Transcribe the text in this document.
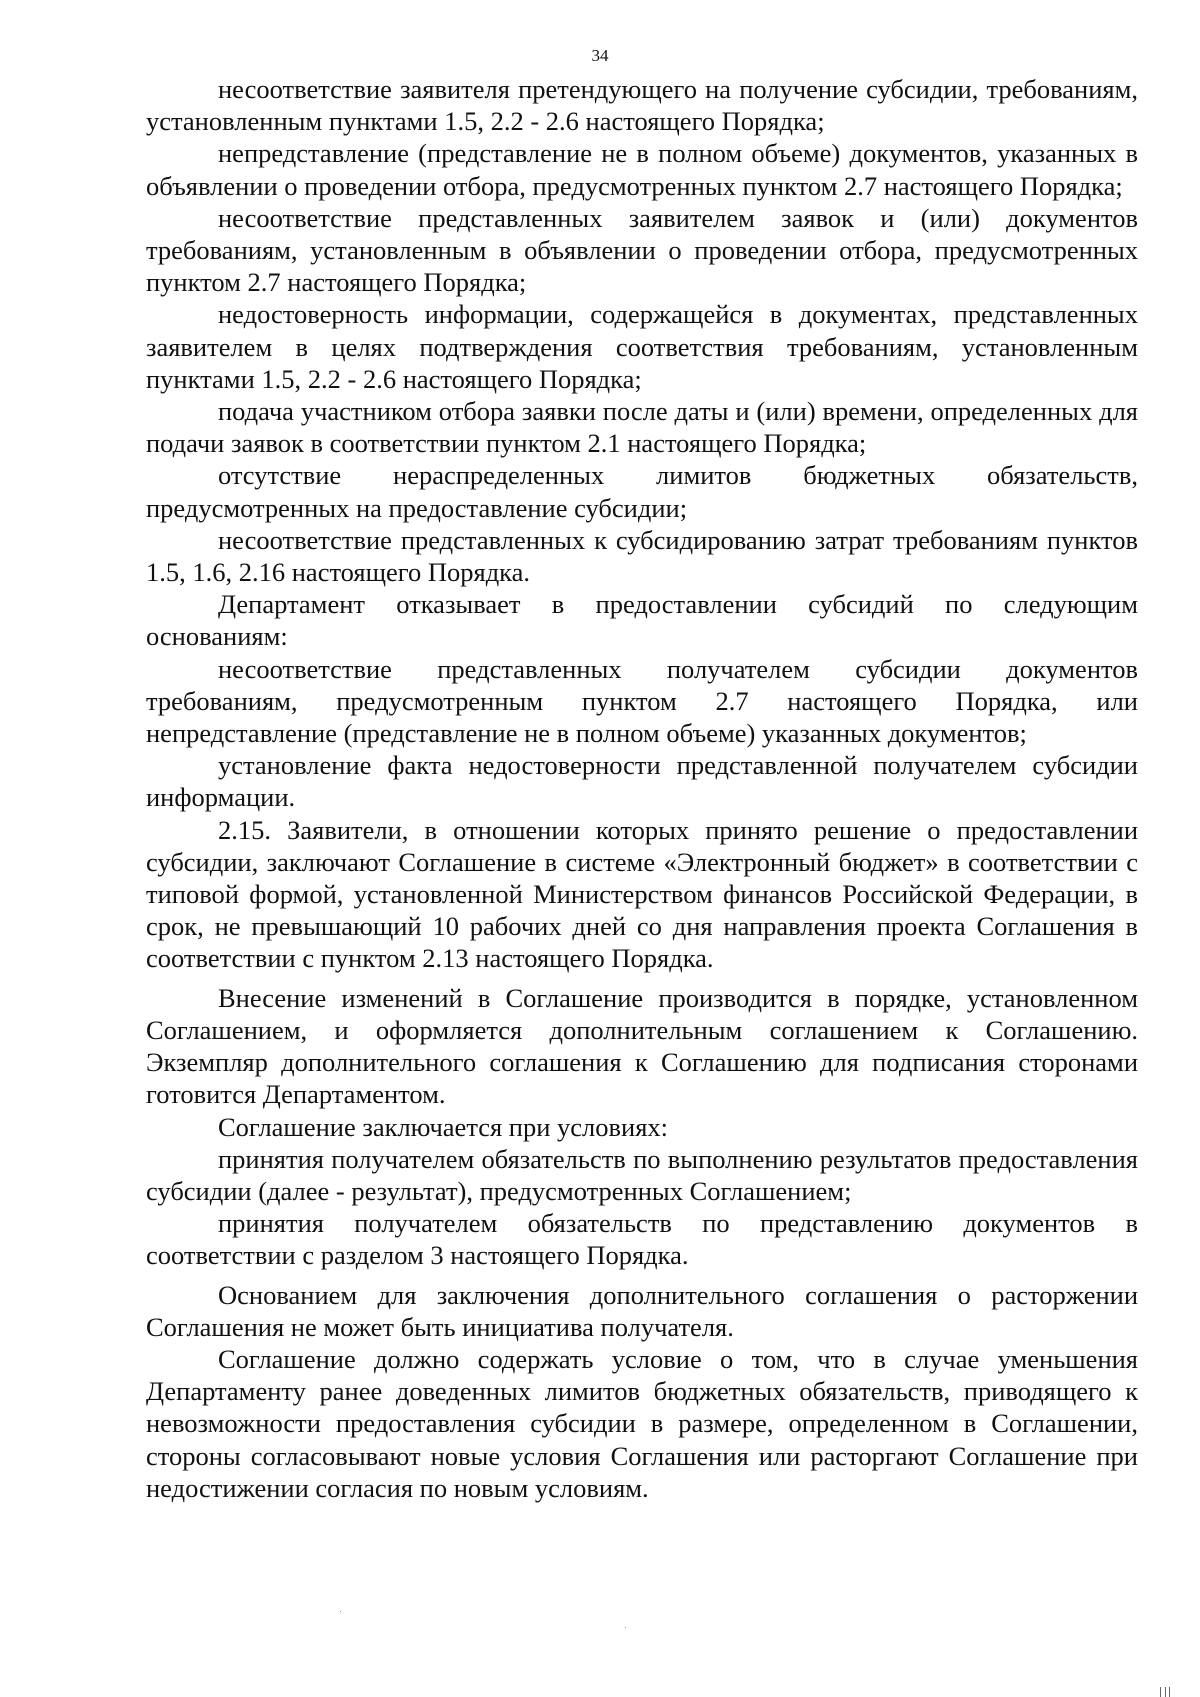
34

несоответствие заявителя претендующего на получение субсидии, требованиям, установленным пунктами 1.5, 2.2 - 2.6 настоящего Порядка;

непредставление (представление не в полном объеме) документов, указанных в объявлении о проведении отбора, предусмотренных пунктом 2.7 настоящего Порядка;

несоответствие представленных заявителем заявок и (или) документов требованиям, установленным в объявлении о проведении отбора, предусмотренных пунктом 2.7 настоящего Порядка;

недостоверность информации, содержащейся в документах, представленных заявителем в целях подтверждения соответствия требованиям, установленным пунктами 1.5, 2.2 - 2.6 настоящего Порядка;

подача участником отбора заявки после даты и (или) времени, определенных для подачи заявок в соответствии пунктом 2.1 настоящего Порядка;

отсутствие нераспределенных лимитов бюджетных обязательств, предусмотренных на предоставление субсидии;

несоответствие представленных к субсидированию затрат требованиям пунктов 1.5, 1.6, 2.16 настоящего Порядка.

Департамент отказывает в предоставлении субсидий по следующим основаниям:

несоответствие представленных получателем субсидии документов требованиям, предусмотренным пунктом 2.7 настоящего Порядка, или непредставление (представление не в полном объеме) указанных документов;

установление факта недостоверности представленной получателем субсидии информации.

2.15. Заявители, в отношении которых принято решение о предоставлении субсидии, заключают Соглашение в системе «Электронный бюджет» в соответствии с типовой формой, установленной Министерством финансов Российской Федерации, в срок, не превышающий 10 рабочих дней со дня направления проекта Соглашения в соответствии с пунктом 2.13 настоящего Порядка.

Внесение изменений в Соглашение производится в порядке, установленном Соглашением, и оформляется дополнительным соглашением к Соглашению. Экземпляр дополнительного соглашения к Соглашению для подписания сторонами готовится Департаментом.

Соглашение заключается при условиях:

принятия получателем обязательств по выполнению результатов предоставления субсидии (далее - результат), предусмотренных Соглашением;

принятия получателем обязательств по представлению документов в соответствии с разделом 3 настоящего Порядка.

Основанием для заключения дополнительного соглашения о расторжении Соглашения не может быть инициатива получателя.

Соглашение должно содержать условие о том, что в случае уменьшения Департаменту ранее доведенных лимитов бюджетных обязательств, приводящего к невозможности предоставления субсидии в размере, определенном в Соглашении, стороны согласовывают новые условия Соглашения или расторгают Соглашение при недостижении согласия по новым условиям.
